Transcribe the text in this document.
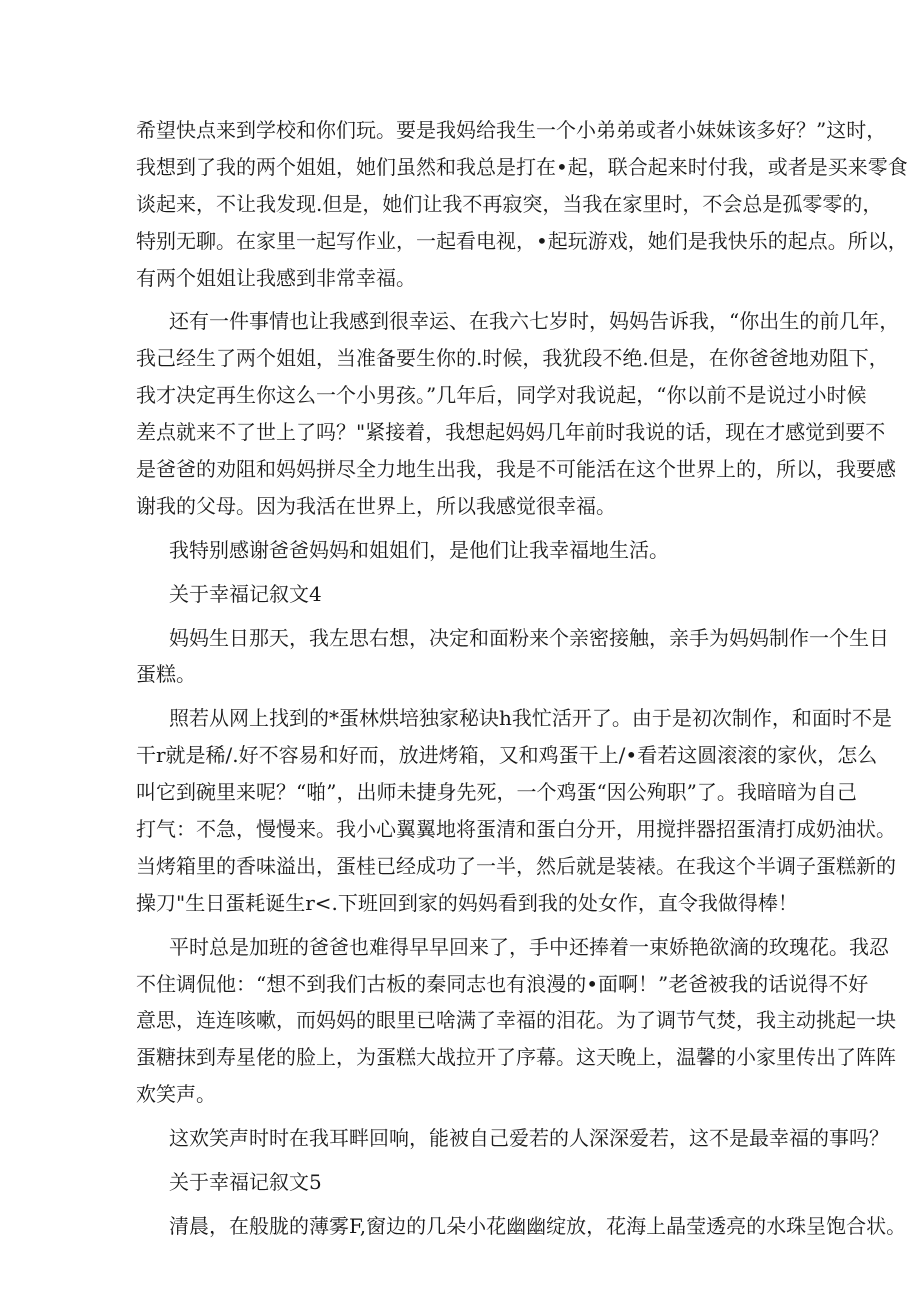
希望快点来到学校和你们玩。要是我妈给我生一个小弟弟或者小妹妹该多好？”这时，
我想到了我的两个姐姐，她们虽然和我总是打在•起，联合起来时付我，或者是买来零食
谈起来，不让我发现.但是，她们让我不再寂突，当我在家里时，不会总是孤零零的，
特别无聊。在家里一起写作业，一起看电视，•起玩游戏，她们是我快乐的起点。所以，
有两个姐姐让我感到非常幸福。
还有一件事情也让我感到很幸运、在我六七岁时，妈妈告诉我，“你出生的前几年，
我己经生了两个姐姐，当准备要生你的.时候，我犹段不绝.但是，在你爸爸地劝阻下，
我才决定再生你这么一个小男孩。”几年后，同学对我说起，“你以前不是说过小时候
差点就来不了世上了吗？"紧接着，我想起妈妈几年前时我说的话，现在才感觉到要不
是爸爸的劝阻和妈妈拼尽全力地生出我，我是不可能活在这个世界上的，所以，我要感
谢我的父母。因为我活在世界上，所以我感觉很幸福。
我特别感谢爸爸妈妈和姐姐们，是他们让我幸福地生活。
关于幸福记叙文4
妈妈生日那天，我左思右想，决定和面粉来个亲密接触，亲手为妈妈制作一个生日
蛋糕。
照若从网上找到的*蛋林烘培独家秘诀h我忙活开了。由于是初次制作，和面时不是
干r就是稀/.好不容易和好而，放进烤箱，又和鸡蛋干上/•看若这圆滚滚的家伙，怎么
叫它到碗里来呢？“啪”，出师未捷身先死，一个鸡蛋“因公殉职”了。我暗暗为自己
打气：不急，慢慢来。我小心翼翼地将蛋清和蛋白分开，用搅拌器招蛋清打成奶油状。
当烤箱里的香味溢出，蛋桂已经成功了一半，然后就是装裱。在我这个半调子蛋糕新的
操刀"生日蛋耗诞生r<.下班回到家的妈妈看到我的处女作，直令我做得棒！
平时总是加班的爸爸也难得早早回来了，手中还捧着一束娇艳欲滴的玫瑰花。我忍
不住调侃他：“想不到我们古板的秦同志也有浪漫的•面啊！”老爸被我的话说得不好
意思，连连咳嗽，而妈妈的眼里已啥满了幸福的泪花。为了调节气焚，我主动挑起一块
蛋糖抹到寿星佬的脸上，为蛋糕大战拉开了序幕。这天晚上，温馨的小家里传出了阵阵
欢笑声。
这欢笑声时时在我耳畔回响，能被自己爱若的人深深爱若，这不是最幸福的事吗？
关于幸福记叙文5
清晨，在般胧的薄雾F,窗边的几朵小花幽幽绽放，花海上晶莹透亮的水珠呈饱合状。
